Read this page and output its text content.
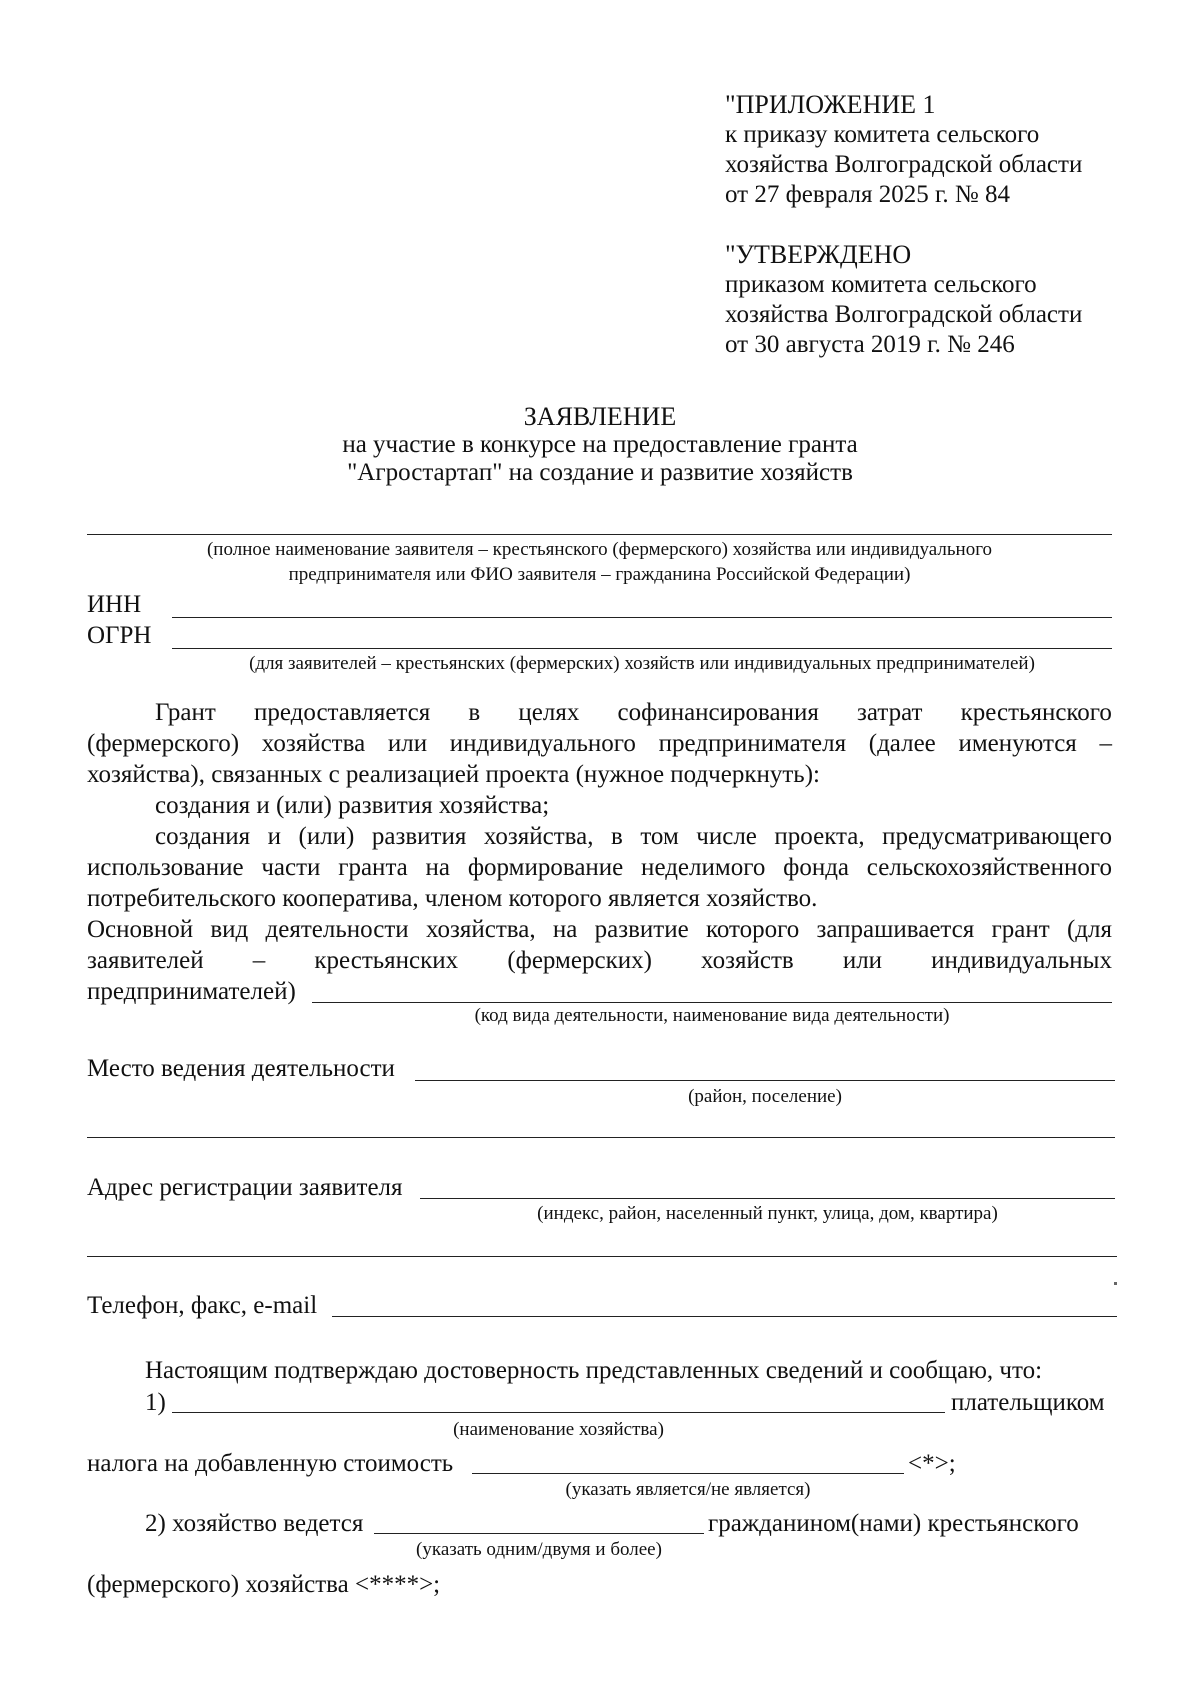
"ПРИЛОЖЕНИЕ 1
к приказу комитета сельского
хозяйства Волгоградской области
от 27 февраля 2025 г. № 84
"УТВЕРЖДЕНО
приказом комитета сельского
хозяйства Волгоградской области
от 30 августа 2019 г. № 246
ЗАЯВЛЕНИЕ
на участие в конкурсе на предоставление гранта
"Агростартап" на создание и развитие хозяйств
(полное наименование заявителя – крестьянского (фермерского) хозяйства или индивидуального
предпринимателя или ФИО заявителя – гражданина Российской Федерации)
ИНН
ОГРН
(для заявителей – крестьянских (фермерских) хозяйств или индивидуальных предпринимателей)
Грант предоставляется в целях софинансирования затрат крестьянского
(фермерского) хозяйства или индивидуального предпринимателя (далее именуются –
хозяйства), связанных с реализацией проекта (нужное подчеркнуть):
создания и (или) развития хозяйства;
создания и (или) развития хозяйства, в том числе проекта, предусматривающего
использование части гранта на формирование неделимого фонда сельскохозяйственного
потребительского кооператива, членом которого является хозяйство.
Основной вид деятельности хозяйства, на развитие которого запрашивается грант (для
заявителей – крестьянских (фермерских) хозяйств или индивидуальных
предпринимателей)
(код вида деятельности, наименование вида деятельности)
Место ведения деятельности
(район, поселение)
Адрес регистрации заявителя
(индекс, район, населенный пункт, улица, дом, квартира)
Телефон, факс, e-mail
Настоящим подтверждаю достоверность представленных сведений и сообщаю, что:
1)	плательщиком
(наименование хозяйства)
налога на добавленную стоимость	<*>;
(указать является/не является)
2) хозяйство ведется	гражданином(нами) крестьянского
(указать одним/двумя и более)
(фермерского) хозяйства <****>;
